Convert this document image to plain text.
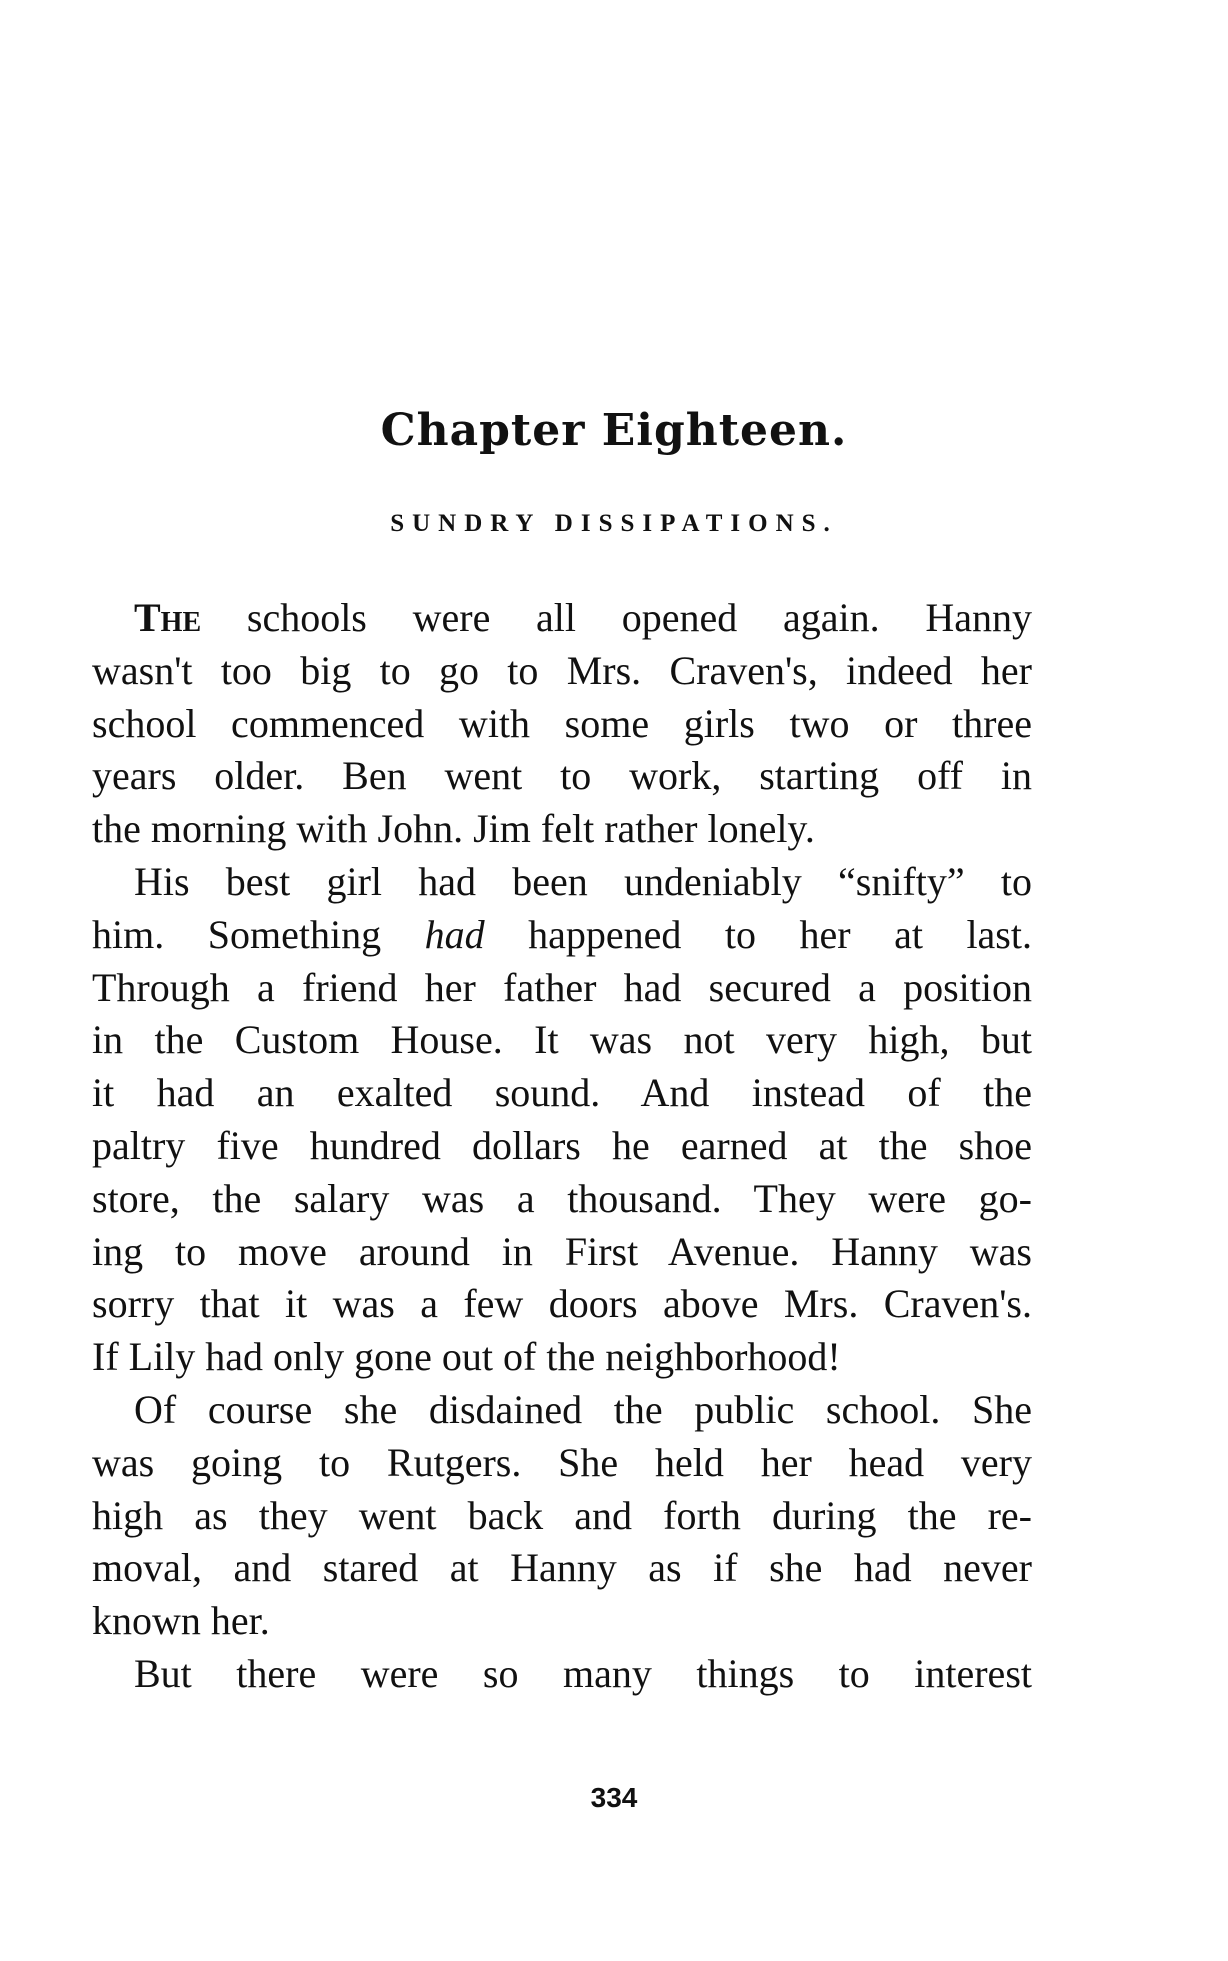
Chapter Eighteen.
SUNDRY DISSIPATIONS.
The schools were all opened again. Hanny
wasn't too big to go to Mrs. Craven's, indeed her
school commenced with some girls two or three
years older. Ben went to work, starting off in
the morning with John. Jim felt rather lonely.
His best girl had been undeniably “snifty” to
him. Something had happened to her at last.
Through a friend her father had secured a position
in the Custom House. It was not very high, but
it had an exalted sound. And instead of the
paltry five hundred dollars he earned at the shoe
store, the salary was a thousand. They were go-
ing to move around in First Avenue. Hanny was
sorry that it was a few doors above Mrs. Craven's.
If Lily had only gone out of the neighborhood!
Of course she disdained the public school. She
was going to Rutgers. She held her head very
high as they went back and forth during the re-
moval, and stared at Hanny as if she had never
known her.
But there were so many things to interest
334
